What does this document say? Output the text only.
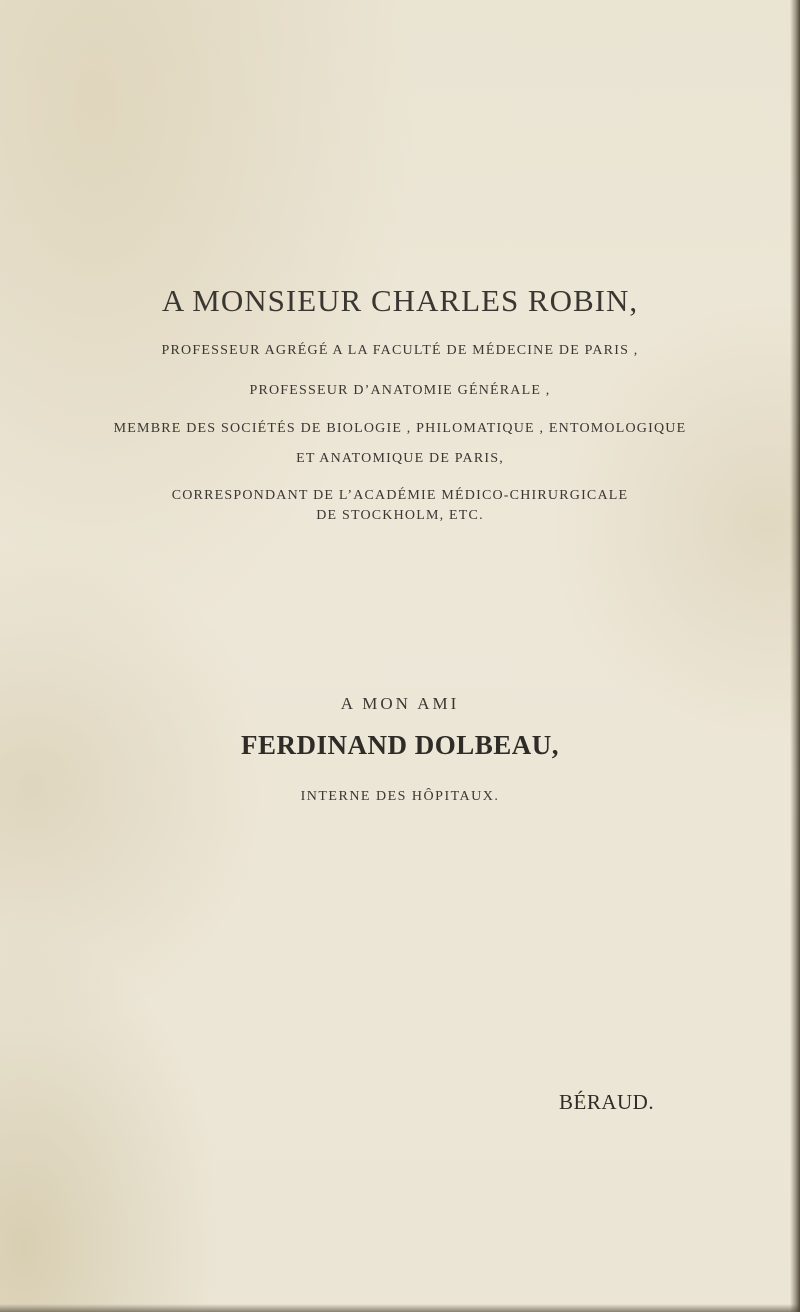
A MONSIEUR CHARLES ROBIN,
PROFESSEUR AGRÉGÉ A LA FACULTÉ DE MÉDECINE DE PARIS ,
PROFESSEUR D’ANATOMIE GÉNÉRALE ,
MEMBRE DES SOCIÉTÉS DE BIOLOGIE , PHILOMATIQUE , ENTOMOLOGIQUE
ET ANATOMIQUE DE PARIS,
CORRESPONDANT DE L’ACADÉMIE MÉDICO-CHIRURGICALE
DE STOCKHOLM, ETC.
A MON AMI
FERDINAND DOLBEAU,
INTERNE DES HÔPITAUX.
BÉRAUD.
